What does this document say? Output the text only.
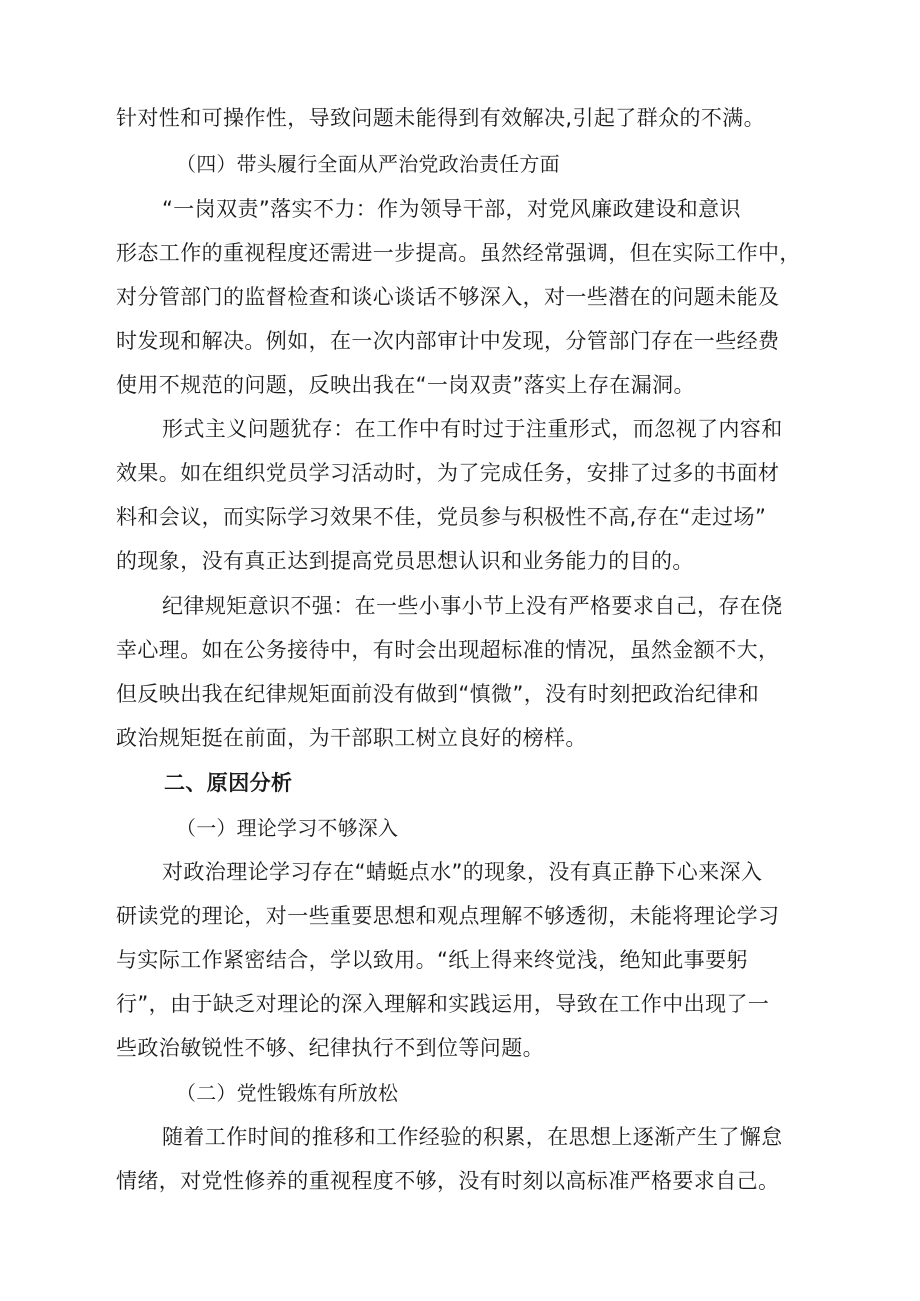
针对性和可操作性，导致问题未能得到有效解决,引起了群众的不满。
（四）带头履行全面从严治党政治责任方面
“一岗双责”落实不力：作为领导干部，对党风廉政建设和意识
形态工作的重视程度还需进一步提高。虽然经常强调，但在实际工作中，
对分管部门的监督检查和谈心谈话不够深入，对一些潜在的问题未能及
时发现和解决。例如，在一次内部审计中发现，分管部门存在一些经费
使用不规范的问题，反映出我在“一岗双责”落实上存在漏洞。
形式主义问题犹存：在工作中有时过于注重形式，而忽视了内容和
效果。如在组织党员学习活动时，为了完成任务，安排了过多的书面材
料和会议，而实际学习效果不佳，党员参与积极性不高,存在“走过场”
的现象，没有真正达到提高党员思想认识和业务能力的目的。
纪律规矩意识不强：在一些小事小节上没有严格要求自己，存在侥
幸心理。如在公务接待中，有时会出现超标准的情况，虽然金额不大，
但反映出我在纪律规矩面前没有做到“慎微”，没有时刻把政治纪律和
政治规矩挺在前面，为干部职工树立良好的榜样。
二、原因分析
（一）理论学习不够深入
对政治理论学习存在“蜻蜓点水”的现象，没有真正静下心来深入
研读党的理论，对一些重要思想和观点理解不够透彻，未能将理论学习
与实际工作紧密结合，学以致用。“纸上得来终觉浅，绝知此事要躬
行”，由于缺乏对理论的深入理解和实践运用，导致在工作中出现了一
些政治敏锐性不够、纪律执行不到位等问题。
（二）党性锻炼有所放松
随着工作时间的推移和工作经验的积累，在思想上逐渐产生了懈怠
情绪，对党性修养的重视程度不够，没有时刻以高标准严格要求自己。
